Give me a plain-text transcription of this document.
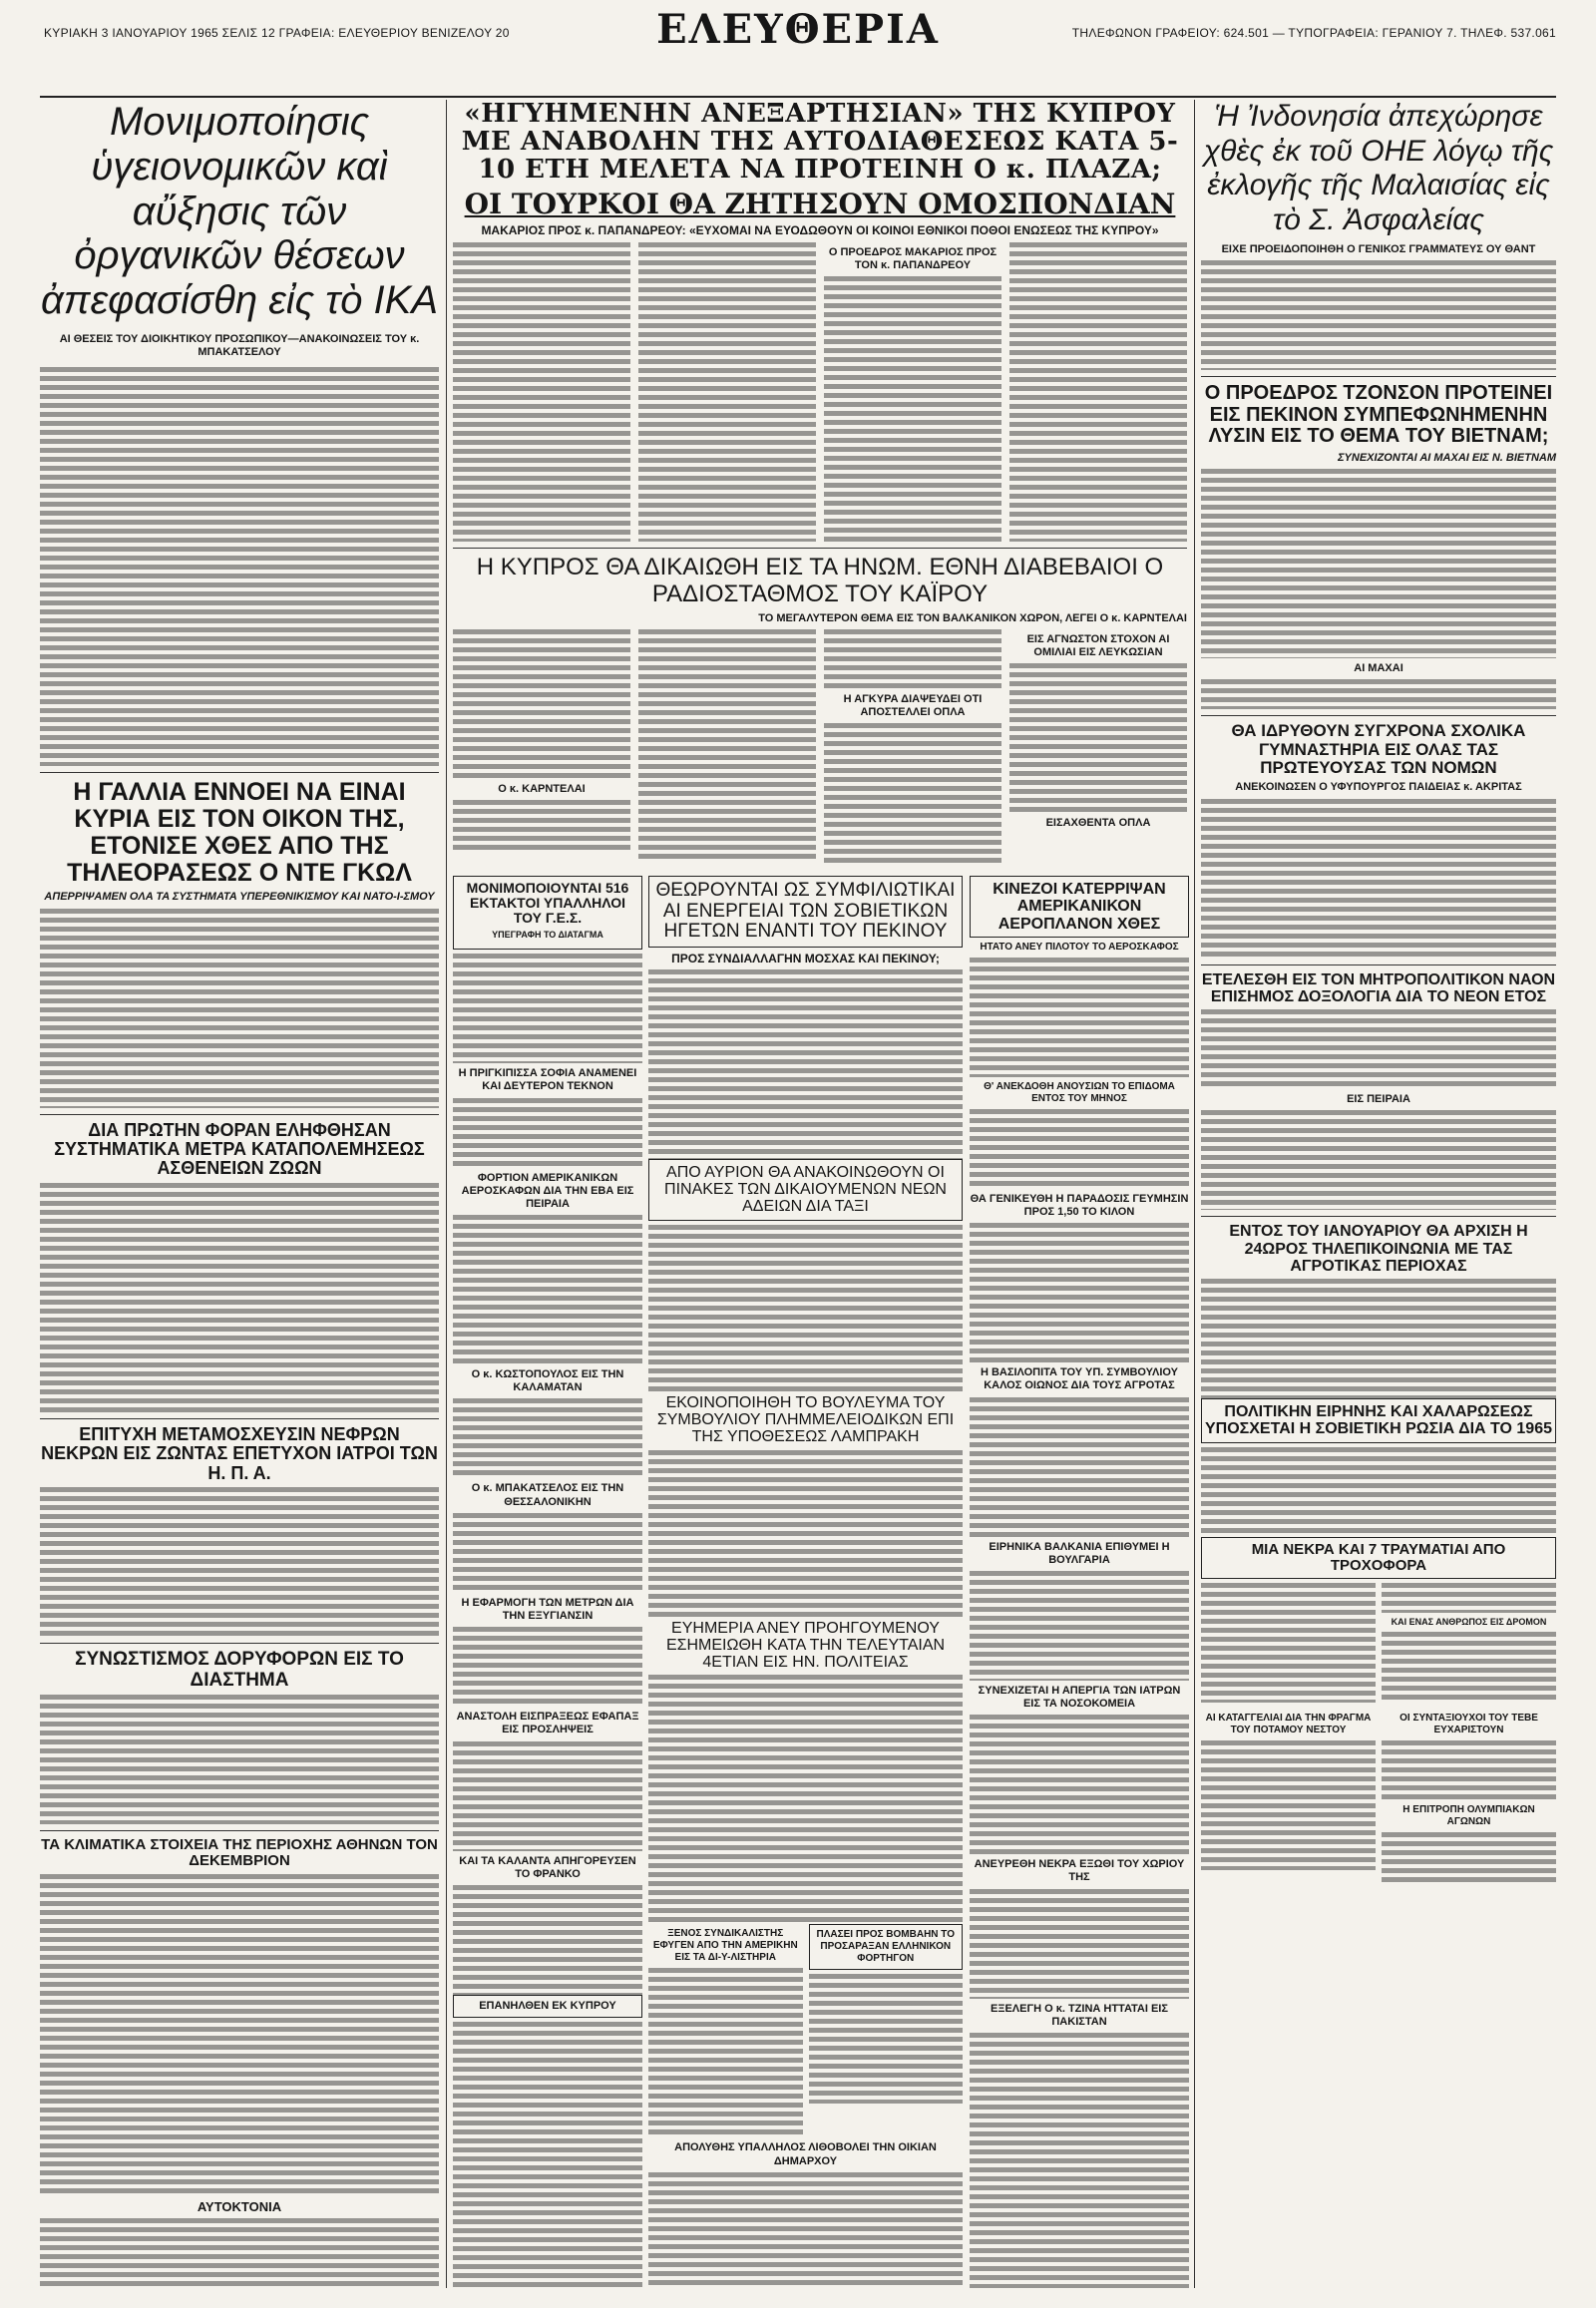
ΚΥΡΙΑΚΗ 3 ΙΑΝΟΥΑΡΙΟΥ 1965 ΣΕΛΙΣ 12 ΓΡΑΦΕΙΑ: ΕΛΕΥΘΕΡΙΟΥ ΒΕΝΙΖΕΛΟΥ 20	ΕΛΕΥΘΕΡΙΑ	ΤΗΛΕΦΩΝΟΝ ΓΡΑΦΕΙΟΥ: 624.501 — ΤΥΠΟΓΡΑΦΕΙΑ: ΓΕΡΑΝΙΟΥ 7. ΤΗΛΕΦ. 537.061
Μονιμοποίησις ὑγειονομικῶν καὶ αὔξησις τῶν ὀργανικῶν θέσεων ἀπεφασίσθη εἰς τὸ ΙΚΑ
ΑΙ ΘΕΣΕΙΣ ΤΟΥ ΔΙΟΙΚΗΤΙΚΟΥ ΠΡΟΣΩΠΙΚΟΥ—ΑΝΑΚΟΙΝΩΣΕΙΣ ΤΟΥ κ. ΜΠΑΚΑΤΣΕΛΟΥ
Η ΓΑΛΛΙΑ ΕΝΝΟΕΙ ΝΑ ΕΙΝΑΙ ΚΥΡΙΑ ΕΙΣ ΤΟΝ ΟΙΚΟΝ ΤΗΣ, ΕΤΟΝΙΣΕ ΧΘΕΣ ΑΠΟ ΤΗΣ ΤΗΛΕΟΡΑΣΕΩΣ Ο ΝΤΕ ΓΚΩΛ
ΑΠΕΡΡΙΨΑΜΕΝ ΟΛΑ ΤΑ ΣΥΣΤΗΜΑΤΑ ΥΠΕΡΕΘΝΙΚΙΣΜΟΥ ΚΑΙ ΝΑΤΟ-Ι-ΣΜΟΥ
ΔΙΑ ΠΡΩΤΗΝ ΦΟΡΑΝ ΕΛΗΦΘΗΣΑΝ ΣΥΣΤΗΜΑΤΙΚΑ ΜΕΤΡΑ ΚΑΤΑΠΟΛΕΜΗΣΕΩΣ ΑΣΘΕΝΕΙΩΝ ΖΩΩΝ
ΕΠΙΤΥΧΗ ΜΕΤΑΜΟΣΧΕΥΣΙΝ ΝΕΦΡΩΝ ΝΕΚΡΩΝ ΕΙΣ ΖΩΝΤΑΣ ΕΠΕΤΥΧΟΝ ΙΑΤΡΟΙ ΤΩΝ Η. Π. Α.
ΣΥΝΩΣΤΙΣΜΟΣ ΔΟΡΥΦΟΡΩΝ ΕΙΣ ΤΟ ΔΙΑΣΤΗΜΑ
ΤΑ ΚΛΙΜΑΤΙΚΑ ΣΤΟΙΧΕΙΑ ΤΗΣ ΠΕΡΙΟΧΗΣ ΑΘΗΝΩΝ ΤΟΝ ΔΕΚΕΜΒΡΙΟΝ
ΑΥΤΟΚΤΟΝΙΑ
«ΗΓΥΗΜΕΝΗΝ ΑΝΕΞΑΡΤΗΣΙΑΝ» ΤΗΣ ΚΥΠΡΟΥ ΜΕ ΑΝΑΒΟΛΗΝ ΤΗΣ ΑΥΤΟΔΙΑΘΕΣΕΩΣ ΚΑΤΑ 5-10 ΕΤΗ ΜΕΛΕΤΑ ΝΑ ΠΡΟΤΕΙΝΗ Ο κ. ΠΛΑΖΑ;
ΟΙ ΤΟΥΡΚΟΙ ΘΑ ΖΗΤΗΣΟΥΝ ΟΜΟΣΠΟΝΔΙΑΝ
ΜΑΚΑΡΙΟΣ ΠΡΟΣ κ. ΠΑΠΑΝΔΡΕΟΥ: «ΕΥΧΟΜΑΙ ΝΑ ΕΥΟΔΩΘΟΥΝ ΟΙ ΚΟΙΝΟΙ ΕΘΝΙΚΟΙ ΠΟΘΟΙ ΕΝΩΣΕΩΣ ΤΗΣ ΚΥΠΡΟΥ»
Ο ΠΡΟΕΔΡΟΣ ΜΑΚΑΡΙΟΣ ΠΡΟΣ ΤΟΝ κ. ΠΑΠΑΝΔΡΕΟΥ
Η ΚΥΠΡΟΣ ΘΑ ΔΙΚΑΙΩΘΗ ΕΙΣ ΤΑ ΗΝΩΜ. ΕΘΝΗ ΔΙΑΒΕΒΑΙΟΙ Ο ΡΑΔΙΟΣΤΑΘΜΟΣ ΤΟΥ ΚΑΪΡΟΥ
ΤΟ ΜΕΓΑΛΥΤΕΡΟΝ ΘΕΜΑ ΕΙΣ ΤΟΝ ΒΑΛΚΑΝΙΚΟΝ ΧΩΡΟΝ, ΛΕΓΕΙ Ο κ. ΚΑΡΝΤΕΛΑΙ
Ο κ. ΚΑΡΝΤΕΛΑΙ
Η ΑΓΚΥΡΑ ΔΙΑΨΕΥΔΕΙ ΟΤΙ ΑΠΟΣΤΕΛΛΕΙ ΟΠΛΑ
ΕΙΣ ΑΓΝΩΣΤΟΝ ΣΤΟΧΟΝ ΑΙ ΟΜΙΛΙΑΙ ΕΙΣ ΛΕΥΚΩΣΙΑΝ
ΕΙΣΑΧΘΕΝΤΑ ΟΠΛΑ
ΜΟΝΙΜΟΠΟΙΟΥΝΤΑΙ 516 ΕΚΤΑΚΤΟΙ ΥΠΑΛΛΗΛΟΙ ΤΟΥ Γ.Ε.Σ.
ΥΠΕΓΡΑΦΗ ΤΟ ΔΙΑΤΑΓΜΑ
Η ΠΡΙΓΚΙΠΙΣΣΑ ΣΟΦΙΑ ΑΝΑΜΕΝΕΙ ΚΑΙ ΔΕΥΤΕΡΟΝ ΤΕΚΝΟΝ
ΦΟΡΤΙΟΝ ΑΜΕΡΙΚΑΝΙΚΩΝ ΑΕΡΟΣΚΑΦΩΝ ΔΙΑ ΤΗΝ ΕΒΑ ΕΙΣ ΠΕΙΡΑΙΑ
Ο κ. ΚΩΣΤΟΠΟΥΛΟΣ ΕΙΣ ΤΗΝ ΚΑΛΑΜΑΤΑΝ
Ο κ. ΜΠΑΚΑΤΣΕΛΟΣ ΕΙΣ ΤΗΝ ΘΕΣΣΑΛΟΝΙΚΗΝ
Η ΕΦΑΡΜΟΓΗ ΤΩΝ ΜΕΤΡΩΝ ΔΙΑ ΤΗΝ ΕΞΥΓΙΑΝΣΙΝ
ΑΝΑΣΤΟΛΗ ΕΙΣΠΡΑΞΕΩΣ ΕΦΑΠΑΞ ΕΙΣ ΠΡΟΣΛΗΨΕΙΣ
ΚΑΙ ΤΑ ΚΑΛΑΝΤΑ ΑΠΗΓΟΡΕΥΣΕΝ ΤΟ ΦΡΑΝΚΟ
ΕΠΑΝΗΛΘΕΝ ΕΚ ΚΥΠΡΟΥ
ΘΕΩΡΟΥΝΤΑΙ ΩΣ ΣΥΜΦΙΛΙΩΤΙΚΑΙ ΑΙ ΕΝΕΡΓΕΙΑΙ ΤΩΝ ΣΟΒΙΕΤΙΚΩΝ ΗΓΕΤΩΝ ΕΝΑΝΤΙ ΤΟΥ ΠΕΚΙΝΟΥ
ΠΡΟΣ ΣΥΝΔΙΑΛΛΑΓΗΝ ΜΟΣΧΑΣ ΚΑΙ ΠΕΚΙΝΟΥ;
ΑΠΟ ΑΥΡΙΟΝ ΘΑ ΑΝΑΚΟΙΝΩΘΟΥΝ ΟΙ ΠΙΝΑΚΕΣ ΤΩΝ ΔΙΚΑΙΟΥΜΕΝΩΝ ΝΕΩΝ ΑΔΕΙΩΝ ΔΙΑ ΤΑΞΙ
ΕΚΟΙΝΟΠΟΙΗΘΗ ΤΟ ΒΟΥΛΕΥΜΑ ΤΟΥ ΣΥΜΒΟΥΛΙΟΥ ΠΛΗΜΜΕΛΕΙΟΔΙΚΩΝ ΕΠΙ ΤΗΣ ΥΠΟΘΕΣΕΩΣ ΛΑΜΠΡΑΚΗ
ΕΥΗΜΕΡΙΑ ΑΝΕΥ ΠΡΟΗΓΟΥΜΕΝΟΥ ΕΣΗΜΕΙΩΘΗ ΚΑΤΑ ΤΗΝ ΤΕΛΕΥΤΑΙΑΝ 4ΕΤΙΑΝ ΕΙΣ ΗΝ. ΠΟΛΙΤΕΙΑΣ
ΞΕΝΟΣ ΣΥΝΔΙΚΑΛΙΣΤΗΣ ΕΦΥΓΕΝ ΑΠΟ ΤΗΝ ΑΜΕΡΙΚΗΝ ΕΙΣ ΤΑ ΔΙ-Υ-ΛΙΣΤΗΡΙΑ
ΠΛΑΣΕΙ ΠΡΟΣ ΒΟΜΒΑΗΝ ΤΟ ΠΡΟΣΑΡΑΞΑΝ ΕΛΛΗΝΙΚΟΝ ΦΟΡΤΗΓΟΝ
ΑΠΟΛΥΘΗΣ ΥΠΑΛΛΗΛΟΣ ΛΙΘΟΒΟΛΕΙ ΤΗΝ ΟΙΚΙΑΝ ΔΗΜΑΡΧΟΥ
ΚΙΝΕΖΟΙ ΚΑΤΕΡΡΙΨΑΝ ΑΜΕΡΙΚΑΝΙΚΟΝ ΑΕΡΟΠΛΑΝΟΝ ΧΘΕΣ
ΗΤΑΤΟ ΑΝΕΥ ΠΙΛΟΤΟΥ ΤΟ ΑΕΡΟΣΚΑΦΟΣ
Θ' ΑΝΕΚΔΟΘΗ ΑΝΟΥΣΙΩΝ ΤΟ ΕΠΙΔΟΜΑ ΕΝΤΟΣ ΤΟΥ ΜΗΝΟΣ
ΘΑ ΓΕΝΙΚΕΥΘΗ Η ΠΑΡΑΔΟΣΙΣ ΓΕΥΜΗΣΙΝ ΠΡΟΣ 1,50 ΤΟ ΚΙΛΟΝ
Η ΒΑΣΙΛΟΠΙΤΑ ΤΟΥ ΥΠ. ΣΥΜΒΟΥΛΙΟΥ ΚΑΛΟΣ ΟΙΩΝΟΣ ΔΙΑ ΤΟΥΣ ΑΓΡΟΤΑΣ
ΕΙΡΗΝΙΚΑ ΒΑΛΚΑΝΙΑ ΕΠΙΘΥΜΕΙ Η ΒΟΥΛΓΑΡΙΑ
ΣΥΝΕΧΙΖΕΤΑΙ Η ΑΠΕΡΓΙΑ ΤΩΝ ΙΑΤΡΩΝ ΕΙΣ ΤΑ ΝΟΣΟΚΟΜΕΙΑ
ΑΝΕΥΡΕΘΗ ΝΕΚΡΑ ΕΞΩΘΙ ΤΟΥ ΧΩΡΙΟΥ ΤΗΣ
ΕΞΕΛΕΓΗ Ο κ. ΤΖΙΝΑ ΗΤΤΑΤΑΙ ΕΙΣ ΠΑΚΙΣΤΑΝ
Ἡ Ἰνδονησία ἀπεχώρησε χθὲς ἐκ τοῦ ΟΗΕ λόγῳ τῆς ἐκλογῆς τῆς Μαλαισίας εἰς τὸ Σ. Ἀσφαλείας
ΕΙΧΕ ΠΡΟΕΙΔΟΠΟΙΗΘΗ Ο ΓΕΝΙΚΟΣ ΓΡΑΜΜΑΤΕΥΣ ΟΥ ΘΑΝΤ
Ο ΠΡΟΕΔΡΟΣ ΤΖΟΝΣΟΝ ΠΡΟΤΕΙΝΕΙ ΕΙΣ ΠΕΚΙΝΟΝ ΣΥΜΠΕΦΩΝΗΜΕΝΗΝ ΛΥΣΙΝ ΕΙΣ ΤΟ ΘΕΜΑ ΤΟΥ ΒΙΕΤΝΑΜ;
ΣΥΝΕΧΙΖΟΝΤΑΙ ΑΙ ΜΑΧΑΙ ΕΙΣ Ν. ΒΙΕΤΝΑΜ
ΑΙ ΜΑΧΑΙ
ΘΑ ΙΔΡΥΘΟΥΝ ΣΥΓΧΡΟΝΑ ΣΧΟΛΙΚΑ ΓΥΜΝΑΣΤΗΡΙΑ ΕΙΣ ΟΛΑΣ ΤΑΣ ΠΡΩΤΕΥΟΥΣΑΣ ΤΩΝ ΝΟΜΩΝ
ΑΝΕΚΟΙΝΩΣΕΝ Ο ΥΦΥΠΟΥΡΓΟΣ ΠΑΙΔΕΙΑΣ κ. ΑΚΡΙΤΑΣ
ΕΤΕΛΕΣΘΗ ΕΙΣ ΤΟΝ ΜΗΤΡΟΠΟΛΙΤΙΚΟΝ ΝΑΟΝ ΕΠΙΣΗΜΟΣ ΔΟΞΟΛΟΓΙΑ ΔΙΑ ΤΟ ΝΕΟΝ ΕΤΟΣ
ΕΙΣ ΠΕΙΡΑΙΑ
ΕΝΤΟΣ ΤΟΥ ΙΑΝΟΥΑΡΙΟΥ ΘΑ ΑΡΧΙΣΗ Η 24ΩΡΟΣ ΤΗΛΕΠΙΚΟΙΝΩΝΙΑ ΜΕ ΤΑΣ ΑΓΡΟΤΙΚΑΣ ΠΕΡΙΟΧΑΣ
ΠΟΛΙΤΙΚΗΝ ΕΙΡΗΝΗΣ ΚΑΙ ΧΑΛΑΡΩΣΕΩΣ ΥΠΟΣΧΕΤΑΙ Η ΣΟΒΙΕΤΙΚΗ ΡΩΣΙΑ ΔΙΑ ΤΟ 1965
ΜΙΑ ΝΕΚΡΑ ΚΑΙ 7 ΤΡΑΥΜΑΤΙΑΙ ΑΠΟ ΤΡΟΧΟΦΟΡΑ
ΚΑΙ ΕΝΑΣ ΑΝΘΡΩΠΟΣ ΕΙΣ ΔΡΟΜΟΝ
ΑΙ ΚΑΤΑΓΓΕΛΙΑΙ ΔΙΑ ΤΗΝ ΦΡΑΓΜΑ ΤΟΥ ΠΟΤΑΜΟΥ ΝΕΣΤΟΥ
ΟΙ ΣΥΝΤΑΞΙΟΥΧΟΙ ΤΟΥ ΤΕΒΕ ΕΥΧΑΡΙΣΤΟΥΝ
Η ΕΠΙΤΡΟΠΗ ΟΛΥΜΠΙΑΚΩΝ ΑΓΩΝΩΝ
